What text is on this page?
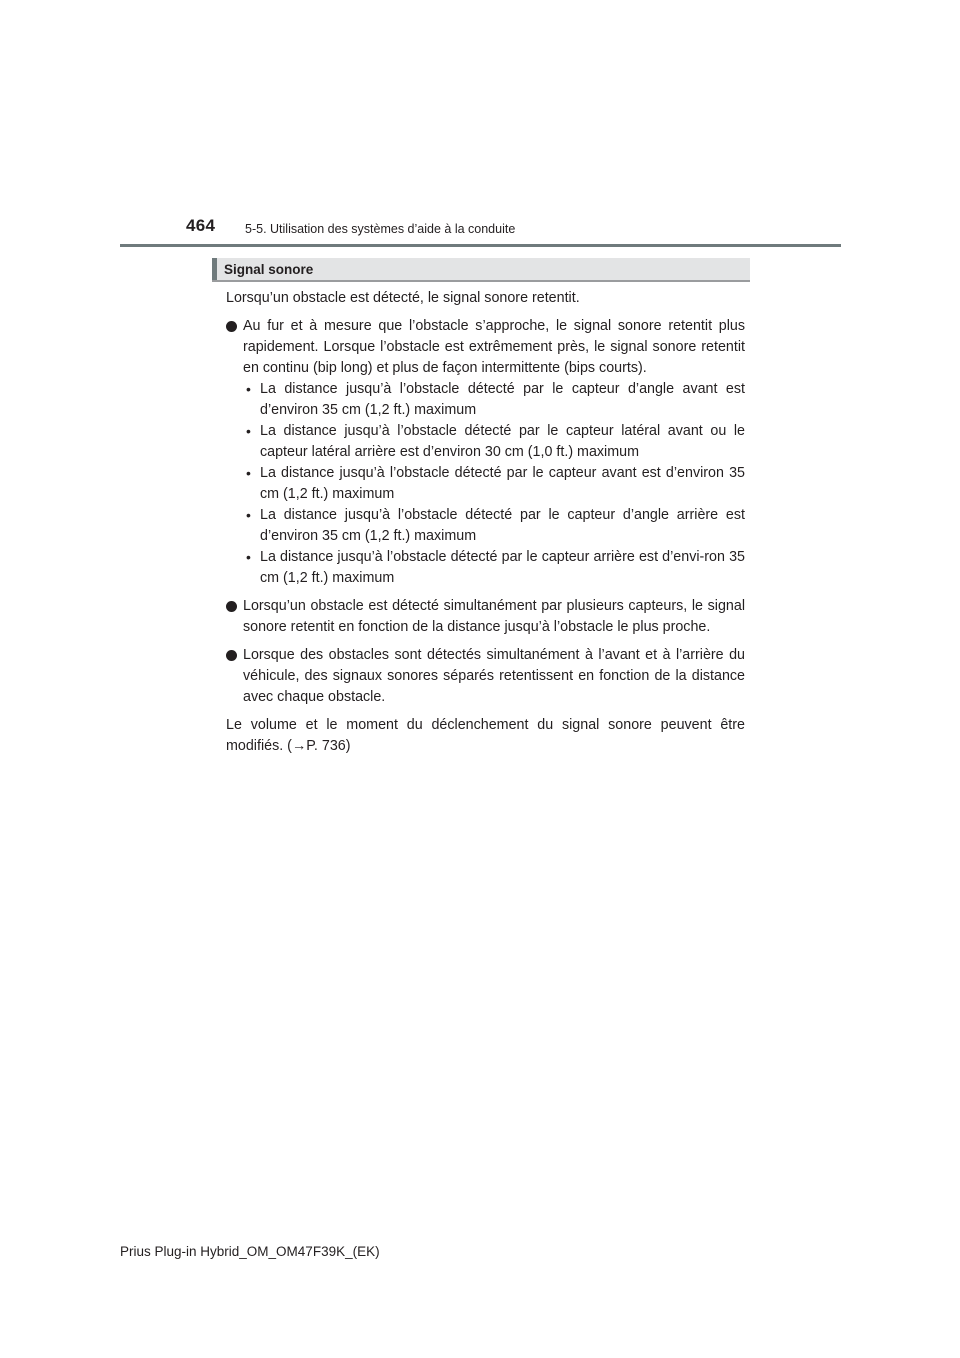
464 5-5. Utilisation des systèmes d’aide à la conduite
Signal sonore

Lorsqu’un obstacle est détecté, le signal sonore retentit.

Au fur et à mesure que l’obstacle s’approche, le signal sonore retentit plus rapidement. Lorsque l’obstacle est extrêmement près, le signal sonore retentit en continu (bip long) et plus de façon intermittente (bips courts).

• La distance jusqu’à l’obstacle détecté par le capteur d’angle avant est d’environ 35 cm (1,2 ft.) maximum
• La distance jusqu’à l’obstacle détecté par le capteur latéral avant ou le capteur latéral arrière est d’environ 30 cm (1,0 ft.) maximum
• La distance jusqu’à l’obstacle détecté par le capteur avant est d’environ 35 cm (1,2 ft.) maximum
• La distance jusqu’à l’obstacle détecté par le capteur d’angle arrière est d’environ 35 cm (1,2 ft.) maximum
• La distance jusqu’à l’obstacle détecté par le capteur arrière est d’envi-ron 35 cm (1,2 ft.) maximum

Lorsqu’un obstacle est détecté simultanément par plusieurs capteurs, le signal sonore retentit en fonction de la distance jusqu’à l’obstacle le plus proche.

Lorsque des obstacles sont détectés simultanément à l’avant et à l’arrière du véhicule, des signaux sonores séparés retentissent en fonction de la distance avec chaque obstacle.

Le volume et le moment du déclenchement du signal sonore peuvent être modifiés. (→P. 736)

Prius Plug-in Hybrid_OM_OM47F39K_(EK)
